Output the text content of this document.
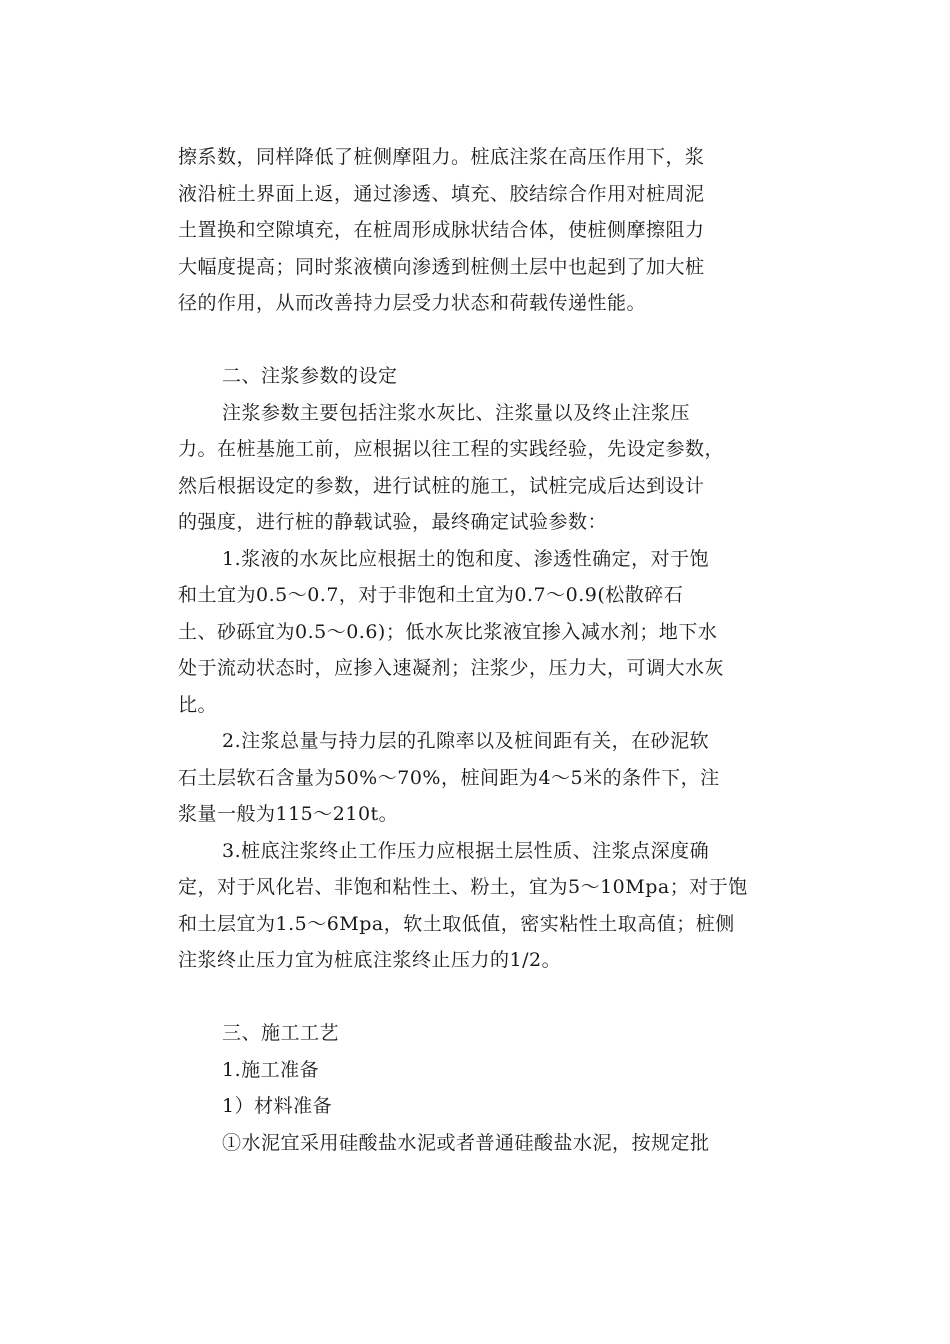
擦系数，同样降低了桩侧摩阻力。桩底注浆在高压作用下，浆
液沿桩土界面上返，通过渗透、填充、胶结综合作用对桩周泥
土置换和空隙填充，在桩周形成脉状结合体，使桩侧摩擦阻力
大幅度提高；同时浆液横向渗透到桩侧土层中也起到了加大桩
径的作用，从而改善持力层受力状态和荷载传递性能。
二、注浆参数的设定
注浆参数主要包括注浆水灰比、注浆量以及终止注浆压
力。在桩基施工前，应根据以往工程的实践经验，先设定参数，
然后根据设定的参数，进行试桩的施工，试桩完成后达到设计
的强度，进行桩的静载试验，最终确定试验参数：
1.浆液的水灰比应根据土的饱和度、渗透性确定，对于饱
和土宜为0.5～0.7，对于非饱和土宜为0.7～0.9(松散碎石
土、砂砾宜为0.5～0.6)；低水灰比浆液宜掺入减水剂；地下水
处于流动状态时，应掺入速凝剂；注浆少，压力大，可调大水灰
比。
2.注浆总量与持力层的孔隙率以及桩间距有关，在砂泥软
石土层软石含量为50%～70%，桩间距为4～5米的条件下，注
浆量一般为115～210t。
3.桩底注浆终止工作压力应根据土层性质、注浆点深度确
定，对于风化岩、非饱和粘性土、粉土，宜为5～10Mpa；对于饱
和土层宜为1.5～6Mpa，软土取低值，密实粘性土取高值；桩侧
注浆终止压力宜为桩底注浆终止压力的1/2。
三、施工工艺
1.施工准备
1）材料准备
①水泥宜采用硅酸盐水泥或者普通硅酸盐水泥，按规定批
